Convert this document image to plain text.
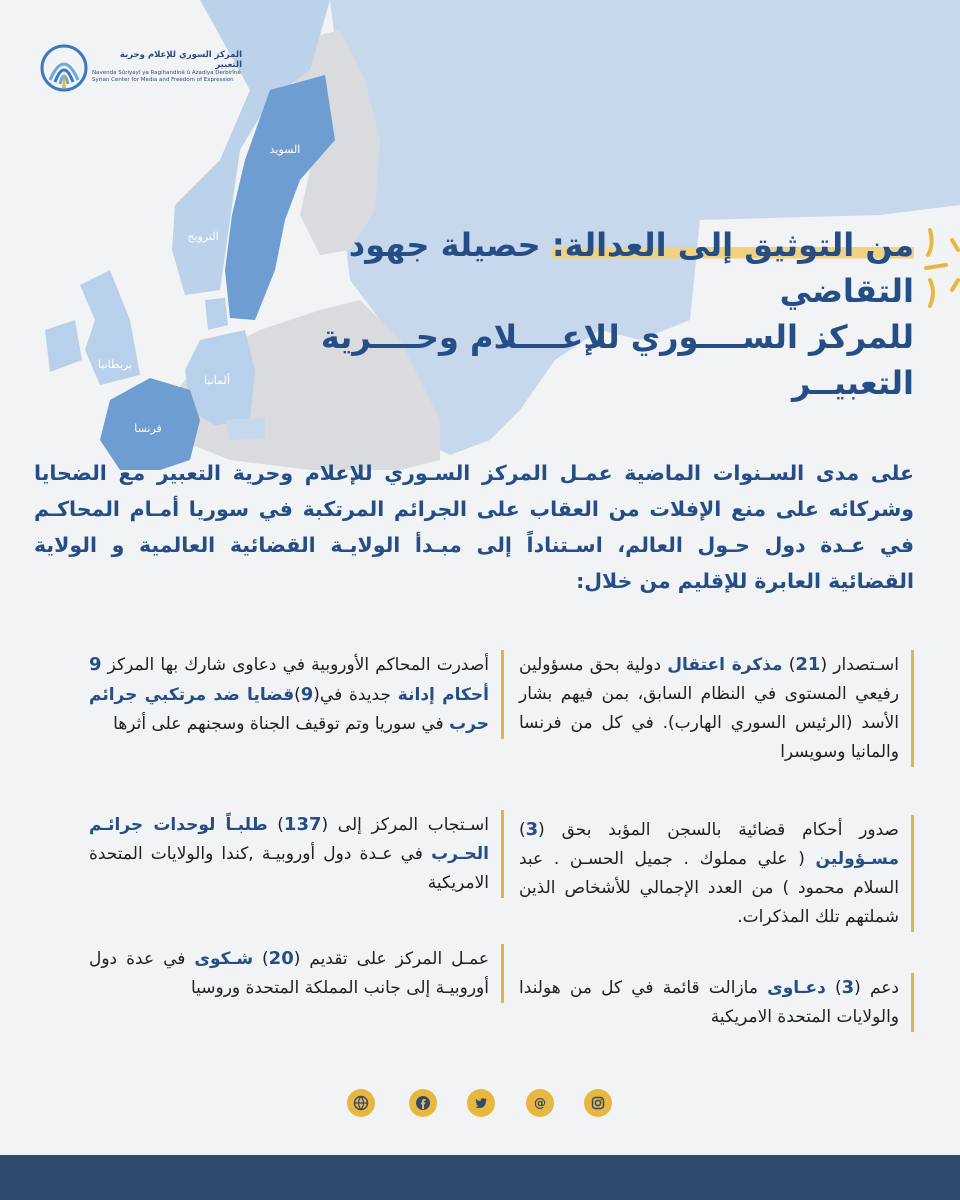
السويد
النرويج
بريطانيا
ألمانيا
فرنسا
المركز السوري للإعلام وحرية التعبير
Navenda Sûriyayî ya Ragihandinê û Azadiya Derbirînê
Syrian Center for Media and Freedom of Expression
من التوثيق إلى العدالة: حصيلة جهود التقاضي
للمركز الســــوري للإعــــلام وحــــرية التعبيــر
على مدى السـنوات الماضية عمـل المركز السـوري للإعلام وحرية التعبير مع الضحايا وشركائه على منع الإفلات من العقاب على الجرائم المرتكبة في سوريا أمـام المحاكـم في عـدة دول حـول العالم، اسـتناداً إلى مبـدأ الولايـة القضائية العالمية و الولاية القضائية العابرة للإقليم من خلال:
اسـتصدار (21) مذكرة اعتقال دولية بحق مسؤولين رفيعي المستوى في النظام السابق، بمن فيهم بشار الأسد (الرئيس السوري الهارب). في كل من فرنسا والمانيا وسويسرا
صدور أحكام قضائية بالسجن المؤبد بحق (3) مسـؤولين ( علي مملوك . جميل الحسـن . عبد السلام محمود ) من العدد الإجمالي للأشخاص الذين شملتهم تلك المذكرات.
دعم (3) دعـاوى مازالت قائمة في كل من هولندا والولايات المتحدة الامريكية
أصدرت المحاكم الأوروبية في دعاوى شارك بها المركز 9 أحكام إدانة جديدة في(9)قضايا ضد مرتكبي جرائم حرب في سوريا وتم توقيف الجناة وسجنهم على أثرها
اسـتجاب المركز إلى (137) طلبـاً لوحدات جرائـم الحـرب في عـدة دول أوروبيـة ,كندا والولايات المتحدة الامريكية
عمـل المركز على تقديم (20) شـكوى في عدة دول أوروبيـة إلى جانب المملكة المتحدة وروسيا
@
